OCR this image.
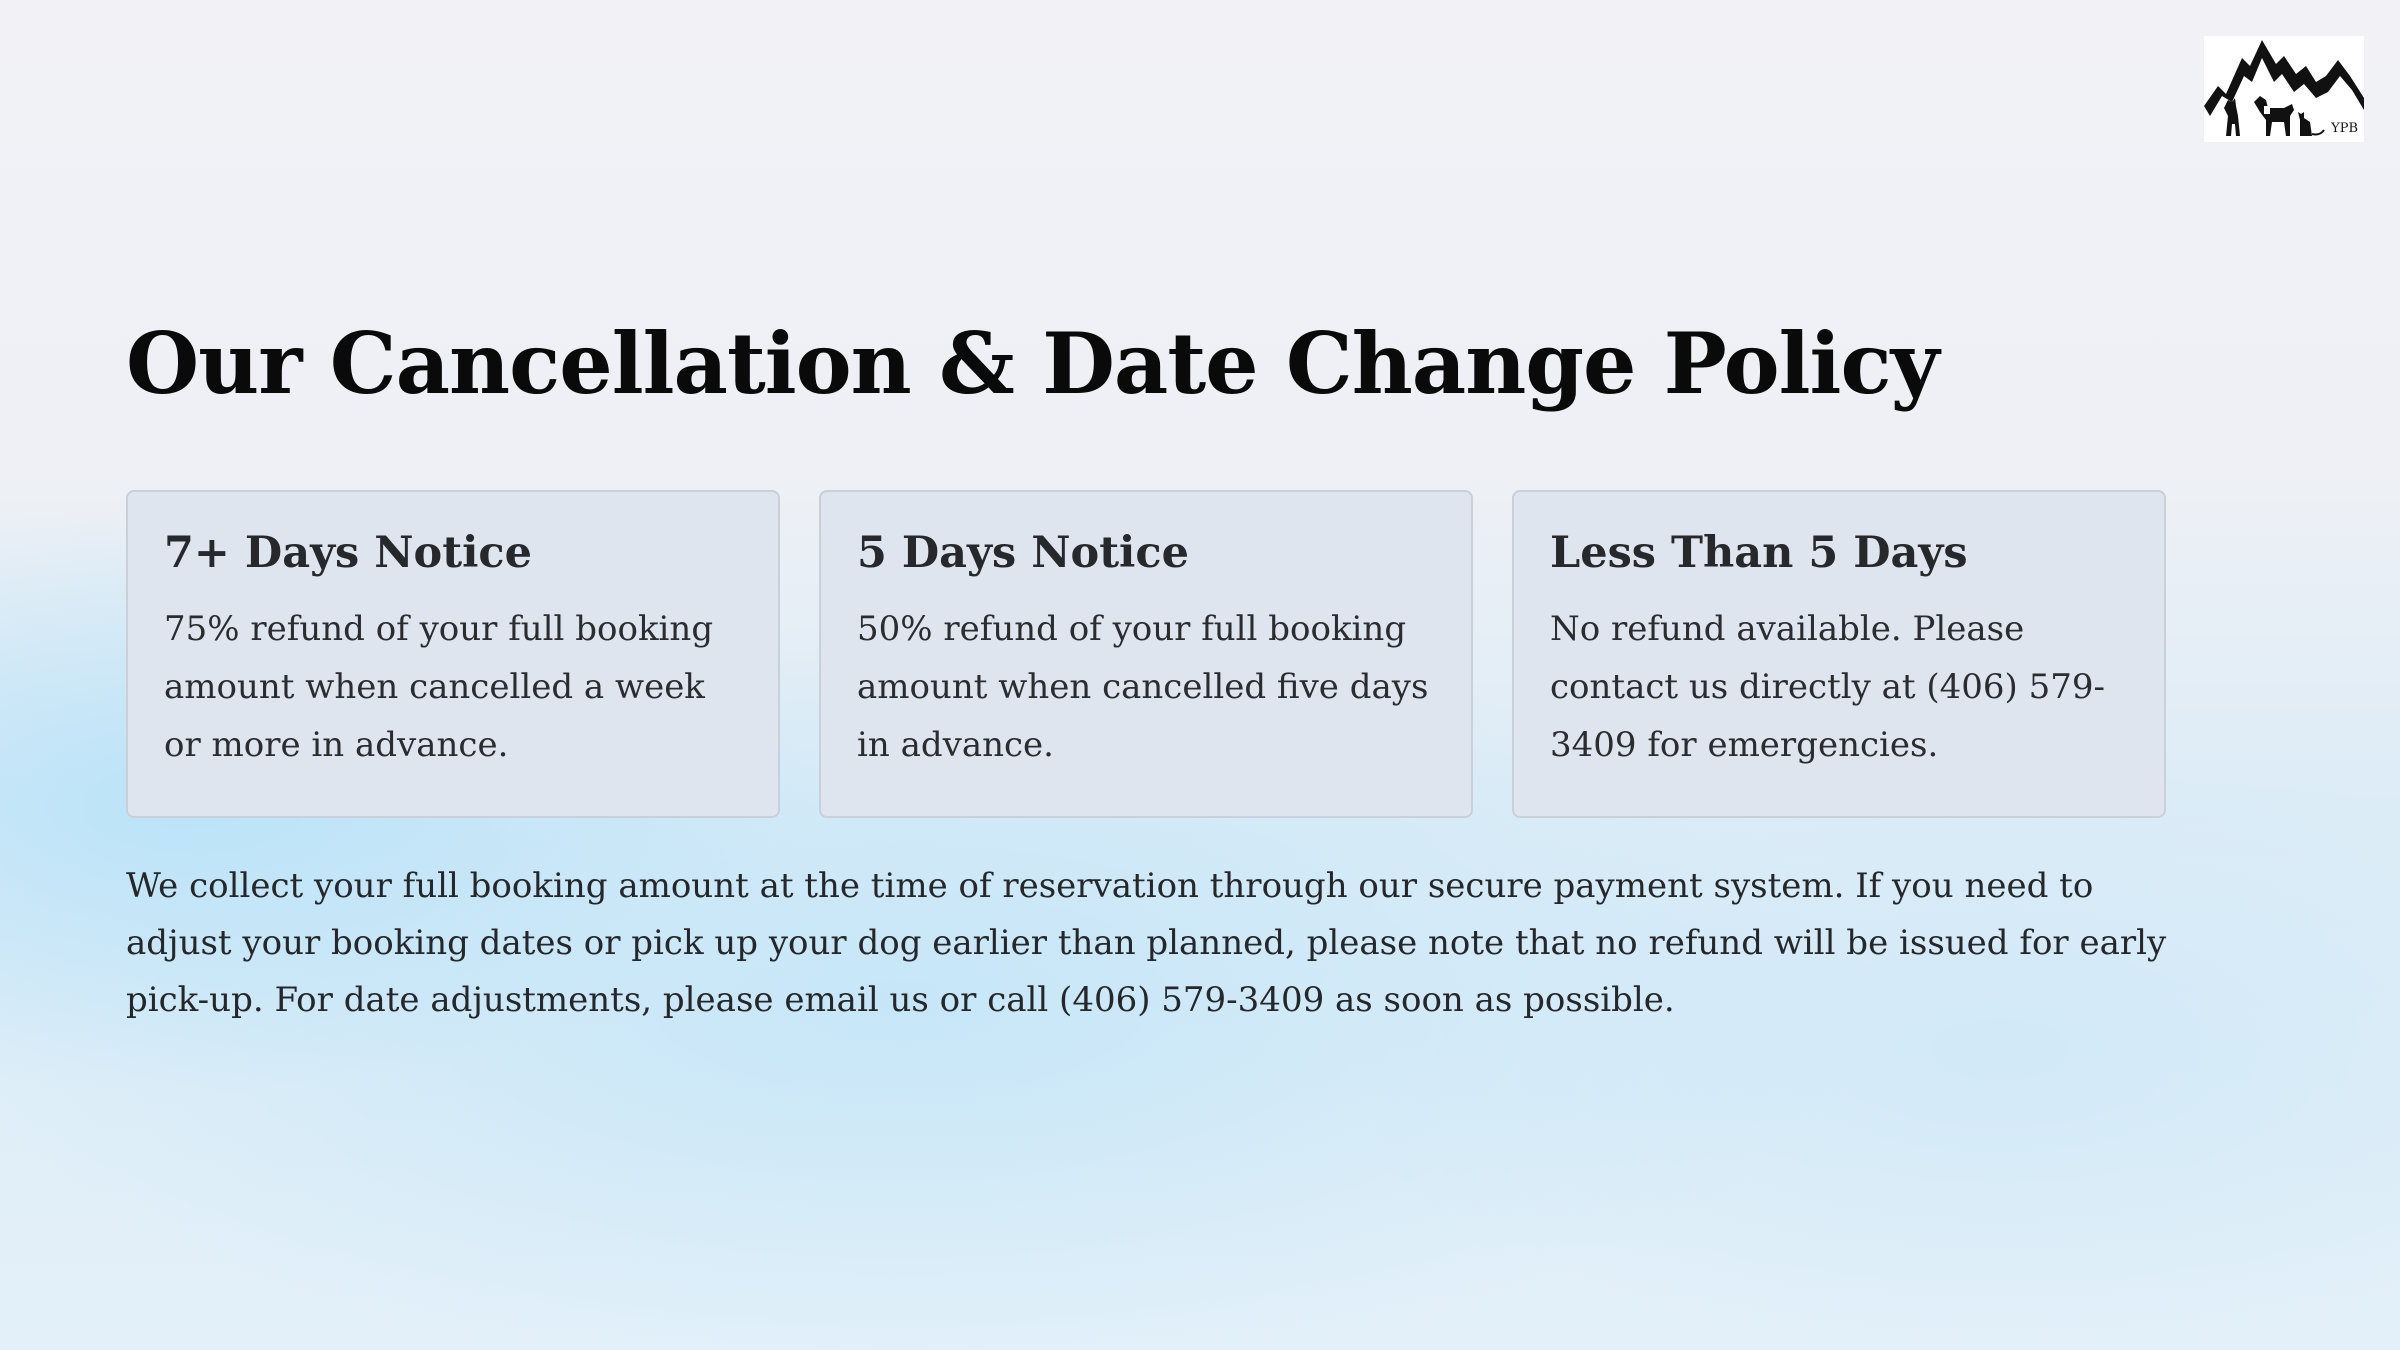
YPB
Our Cancellation & Date Change Policy
7+ Days Notice

75% refund of your full booking amount when cancelled a week or more in advance.

5 Days Notice

50% refund of your full booking amount when cancelled five days in advance.

Less Than 5 Days

No refund available. Please contact us directly at (406) 579-3409 for emergencies.

We collect your full booking amount at the time of reservation through our secure payment system. If you need to adjust your booking dates or pick up your dog earlier than planned, please note that no refund will be issued for early pick-up. For date adjustments, please email us or call (406) 579-3409 as soon as possible.
